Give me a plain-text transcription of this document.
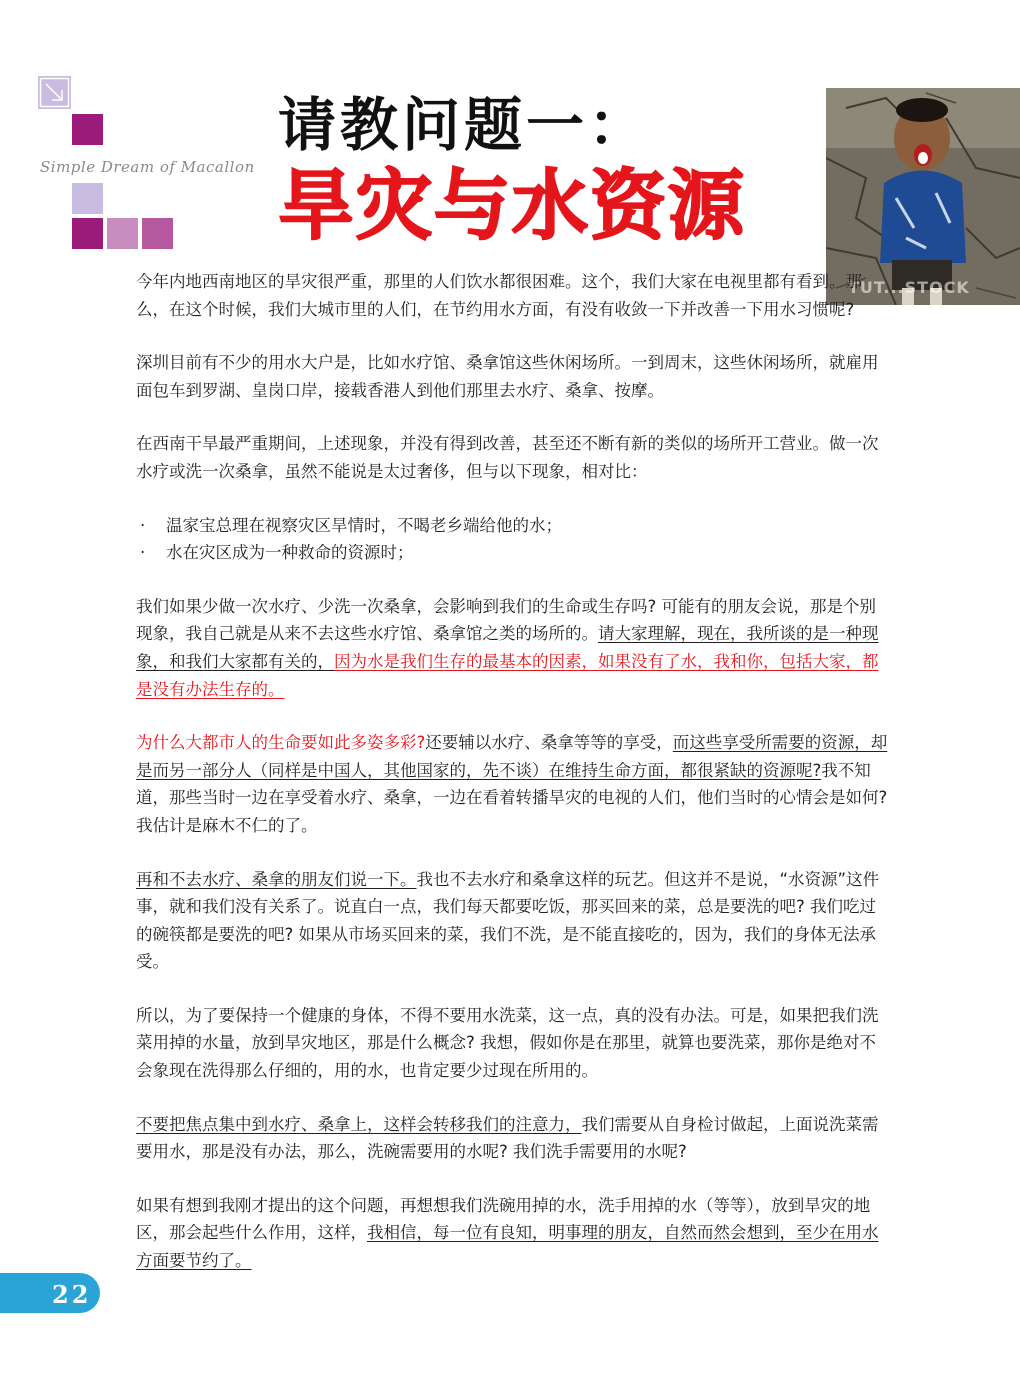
Simple Dream of Macallon
请教问题一：
旱灾与水资源
TUT...STOCK

今年内地西南地区的旱灾很严重，那里的人们饮水都很困难。这个，我们大家在电视里都有看到。那么，在这个时候，我们大城市里的人们，在节约用水方面，有没有收敛一下并改善一下用水习惯呢?

深圳目前有不少的用水大户是，比如水疗馆、桑拿馆这些休闲场所。一到周末，这些休闲场所，就雇用面包车到罗湖、皇岗口岸，接载香港人到他们那里去水疗、桑拿、按摩。

在西南干旱最严重期间，上述现象，并没有得到改善，甚至还不断有新的类似的场所开工营业。做一次水疗或洗一次桑拿，虽然不能说是太过奢侈，但与以下现象，相对比：

· 温家宝总理在视察灾区旱情时，不喝老乡端给他的水；
· 水在灾区成为一种救命的资源时；

我们如果少做一次水疗、少洗一次桑拿，会影响到我们的生命或生存吗? 可能有的朋友会说，那是个别现象，我自己就是从来不去这些水疗馆、桑拿馆之类的场所的。请大家理解，现在，我所谈的是一种现象，和我们大家都有关的，因为水是我们生存的最基本的因素，如果没有了水，我和你，包括大家，都是没有办法生存的。

为什么大都市人的生命要如此多姿多彩?还要辅以水疗、桑拿等等的享受，而这些享受所需要的资源，却是而另一部分人（同样是中国人，其他国家的，先不谈）在维持生命方面，都很紧缺的资源呢?我不知道，那些当时一边在享受着水疗、桑拿，一边在看着转播旱灾的电视的人们，他们当时的心情会是如何? 我估计是麻木不仁的了。

再和不去水疗、桑拿的朋友们说一下。我也不去水疗和桑拿这样的玩艺。但这并不是说，“水资源”这件事，就和我们没有关系了。说直白一点，我们每天都要吃饭，那买回来的菜，总是要洗的吧? 我们吃过的碗筷都是要洗的吧? 如果从市场买回来的菜，我们不洗，是不能直接吃的，因为，我们的身体无法承受。

所以，为了要保持一个健康的身体，不得不要用水洗菜，这一点，真的没有办法。可是，如果把我们洗菜用掉的水量，放到旱灾地区，那是什么概念? 我想，假如你是在那里，就算也要洗菜，那你是绝对不会象现在洗得那么仔细的，用的水，也肯定要少过现在所用的。

不要把焦点集中到水疗、桑拿上，这样会转移我们的注意力，我们需要从自身检讨做起，上面说洗菜需要用水，那是没有办法，那么，洗碗需要用的水呢? 我们洗手需要用的水呢?

如果有想到我刚才提出的这个问题，再想想我们洗碗用掉的水，洗手用掉的水（等等），放到旱灾的地区，那会起些什么作用，这样，我相信，每一位有良知，明事理的朋友，自然而然会想到，至少在用水方面要节约了。

22
